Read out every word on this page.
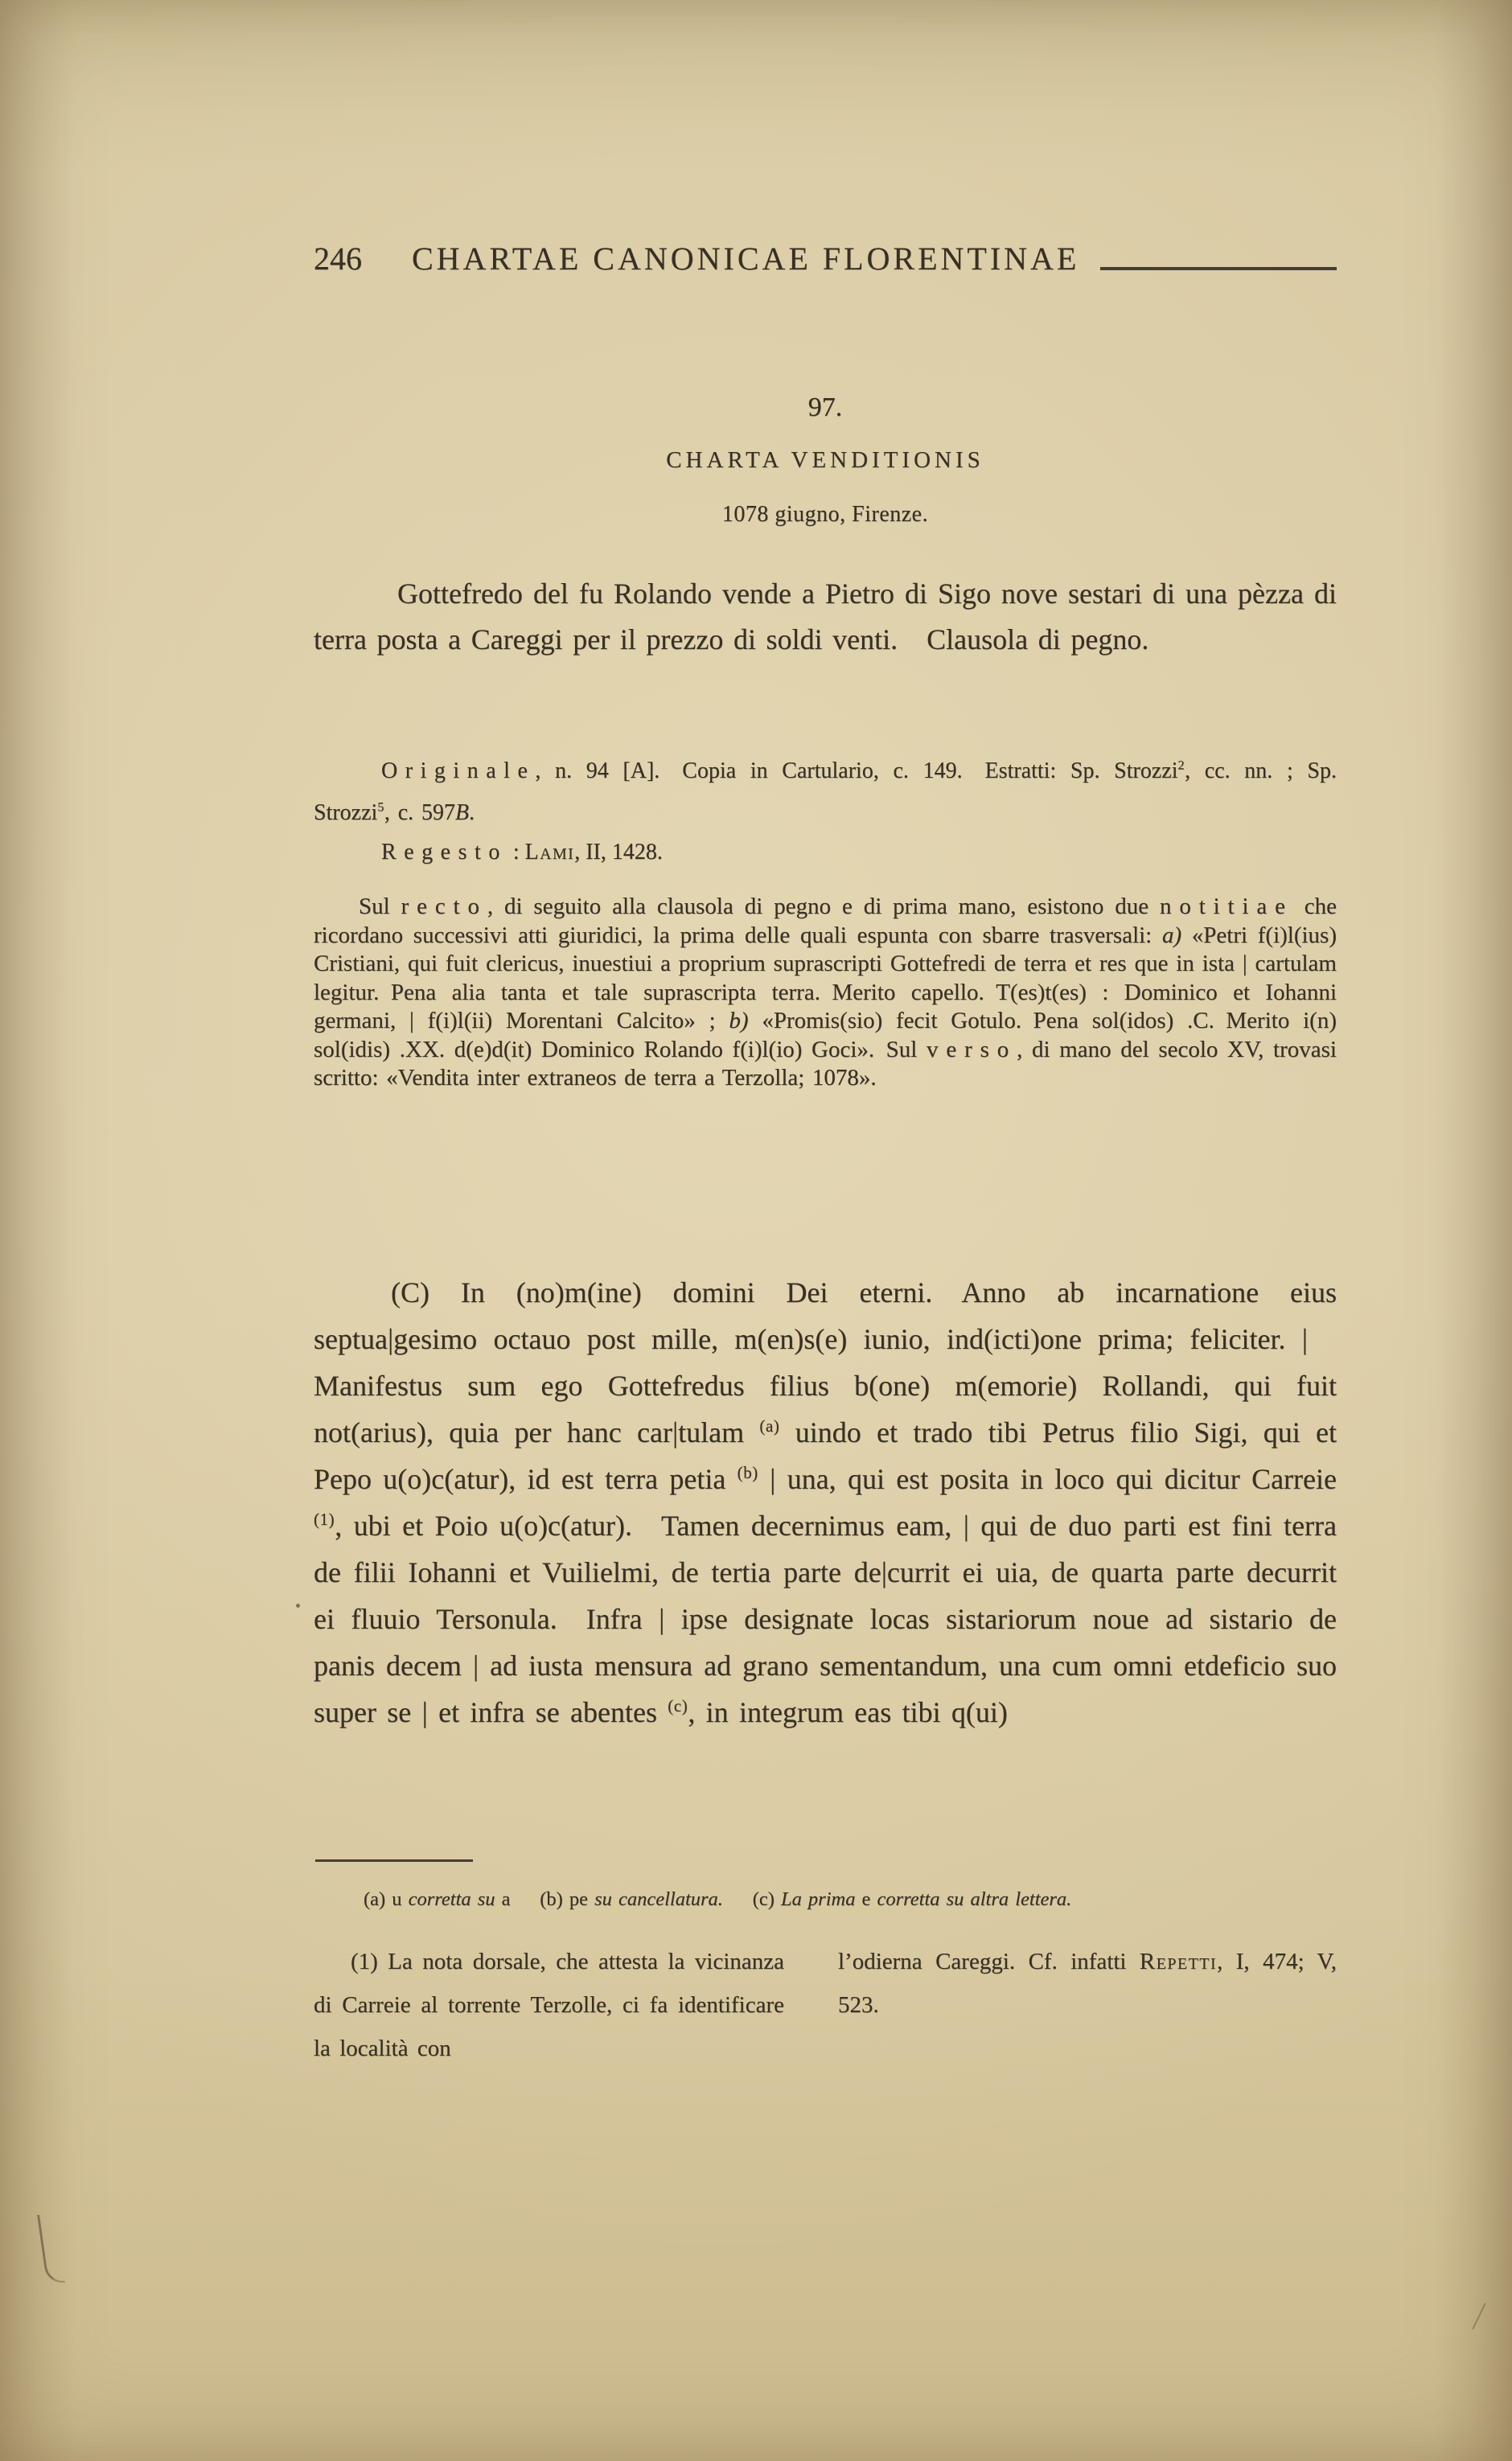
246 CHARTAE CANONICAE FLORENTINAE
97.
CHARTA VENDITIONIS
1078 giugno, Firenze.

Gottefredo del fu Rolando vende a Pietro di Sigo nove sestari di una pèzza di terra posta a Careggi per il prezzo di soldi venti. Clausola di pegno.

Originale, n. 94 [A]. Copia in Cartulario, c. 149. Estratti: Sp. Strozzi$^2$, cc. nn. ; Sp. Strozzi$^5$, c. 597B.

Regesto : Lami, II, 1428.

Sul recto, di seguito alla clausola di pegno e di prima mano, esistono due notitiae che ricordano successivi atti giuridici, la prima delle quali espunta con sbarre trasversali: a) «Petri f(i)l(ius) Cristiani, qui fuit clericus, inuestiui a proprium suprascripti Gottefredi de terra et res que in ista | cartulam legitur. Pena alia tanta et tale suprascripta terra. Merito capello. T(es)t(es) : Dominico et Iohanni germani, | f(i)l(ii) Morentani Calcito» ; b) «Promis(sio) fecit Gotulo. Pena sol(idos) .C. Merito i(n) sol(idis) .XX. d(e)d(it) Dominico Rolando f(i)l(io) Goci». Sul verso, di mano del secolo XV, trovasi scritto: «Vendita inter extraneos de terra a Terzolla; 1078».

(C) In (no)m(ine) domini Dei eterni. Anno ab incarnatione eius septua|gesimo octauo post mille, m(en)s(e) iunio, ind(icti)one prima; feliciter. | Manifestus sum ego Gottefredus filius b(one) m(emorie) Rollandi, qui fuit not(arius), quia per hanc car|tulam $^{(a)}$ uindo et trado tibi Petrus filio Sigi, qui et Pepo u(o)c(atur), id est terra petia $^{(b)}$ | una, qui est posita in loco qui dicitur Carreie $^{(1)}$, ubi et Poio u(o)c(atur). Tamen decernimus eam, | qui de duo parti est fini terra de filii Iohanni et Vuilielmi, de tertia parte de|currit ei uia, de quarta parte decurrit ei fluuio Tersonula. Infra | ipse designate locas sistariorum noue ad sistario de panis decem | ad iusta mensura ad grano sementandum, una cum omni etdeficio suo super se | et infra se abentes $^{(c)}$, in integrum eas tibi q(ui)

(a) u corretta su a  (b) pe su cancellatura.  (c) La prima e corretta su altra lettera.

(1) La nota dorsale, che attesta la vicinanza di Carreie al torrente Terzolle, ci fa identificare la località con

l’odierna Careggi. Cf. infatti Repetti, I, 474; V, 523.
